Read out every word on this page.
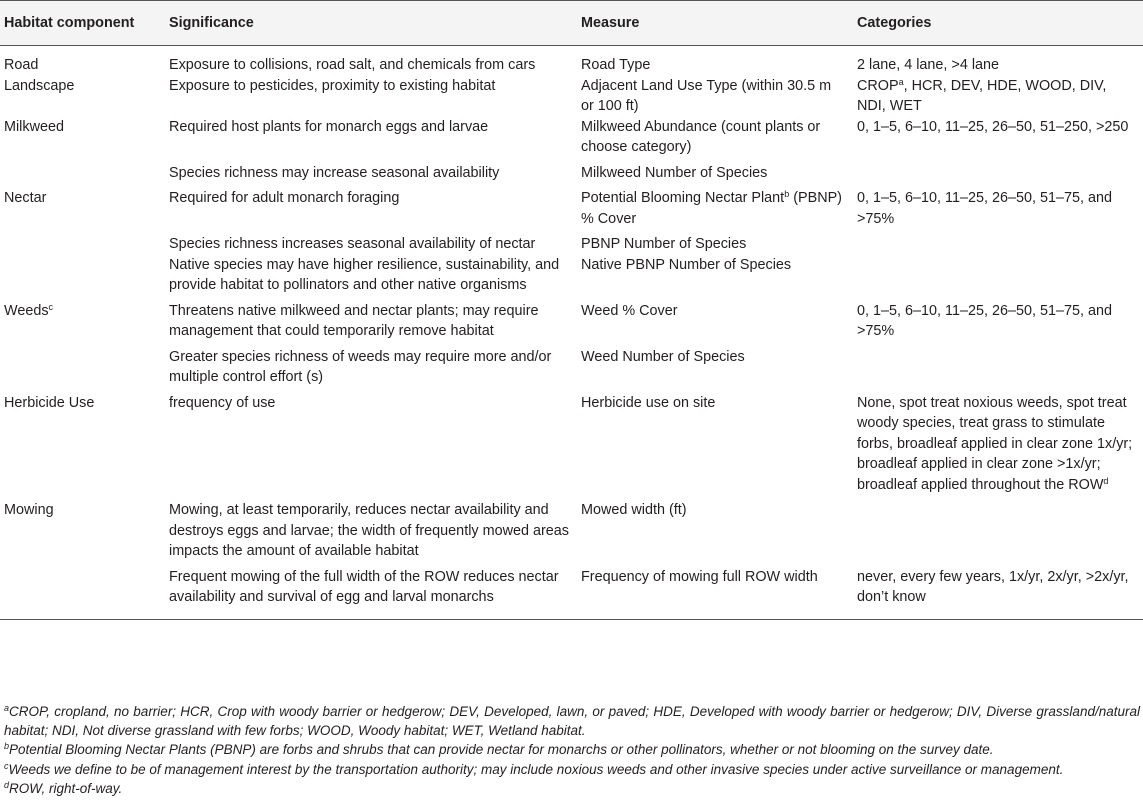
Habitat component	Significance	Measure	Categories
Road	Exposure to collisions, road salt, and chemicals from cars	Road Type	2 lane, 4 lane, >4 lane
Landscape	Exposure to pesticides, proximity to existing habitat	Adjacent Land Use Type (within 30.5 m or 100 ft)	CROP$^a$, HCR, DEV, HDE, WOOD, DIV, NDI, WET
Milkweed	Required host plants for monarch eggs and larvae	Milkweed Abundance (count plants or choose category)	0, 1–5, 6–10, 11–25, 26–50, 51–250, >250
	Species richness may increase seasonal availability	Milkweed Number of Species	
Nectar	Required for adult monarch foraging	Potential Blooming Nectar Plant$^b$ (PBNP) % Cover	0, 1–5, 6–10, 11–25, 26–50, 51–75, and >75%
	Species richness increases seasonal availability of nectar	PBNP Number of Species	
	Native species may have higher resilience, sustainability, and provide habitat to pollinators and other native organisms	Native PBNP Number of Species	
Weeds$^c$	Threatens native milkweed and nectar plants; may require management that could temporarily remove habitat	Weed % Cover	0, 1–5, 6–10, 11–25, 26–50, 51–75, and >75%
	Greater species richness of weeds may require more and/or multiple control effort (s)	Weed Number of Species	
Herbicide Use	frequency of use	Herbicide use on site	None, spot treat noxious weeds, spot treat woody species, treat grass to stimulate forbs, broadleaf applied in clear zone 1x/yr; broadleaf applied in clear zone >1x/yr; broadleaf applied throughout the ROW$^d$
Mowing	Mowing, at least temporarily, reduces nectar availability and destroys eggs and larvae; the width of frequently mowed areas impacts the amount of available habitat	Mowed width (ft)	
	Frequent mowing of the full width of the ROW reduces nectar availability and survival of egg and larval monarchs	Frequency of mowing full ROW width	never, every few years, 1x/yr, 2x/yr, >2x/yr, don’t know

$^a$CROP, cropland, no barrier; HCR, Crop with woody barrier or hedgerow; DEV, Developed, lawn, or paved; HDE, Developed with woody barrier or hedgerow; DIV, Diverse grassland/natural habitat; NDI, Not diverse grassland with few forbs; WOOD, Woody habitat; WET, Wetland habitat.

$^b$Potential Blooming Nectar Plants (PBNP) are forbs and shrubs that can provide nectar for monarchs or other pollinators, whether or not blooming on the survey date.

$^c$Weeds we define to be of management interest by the transportation authority; may include noxious weeds and other invasive species under active surveillance or management.

$^d$ROW, right-of-way.
